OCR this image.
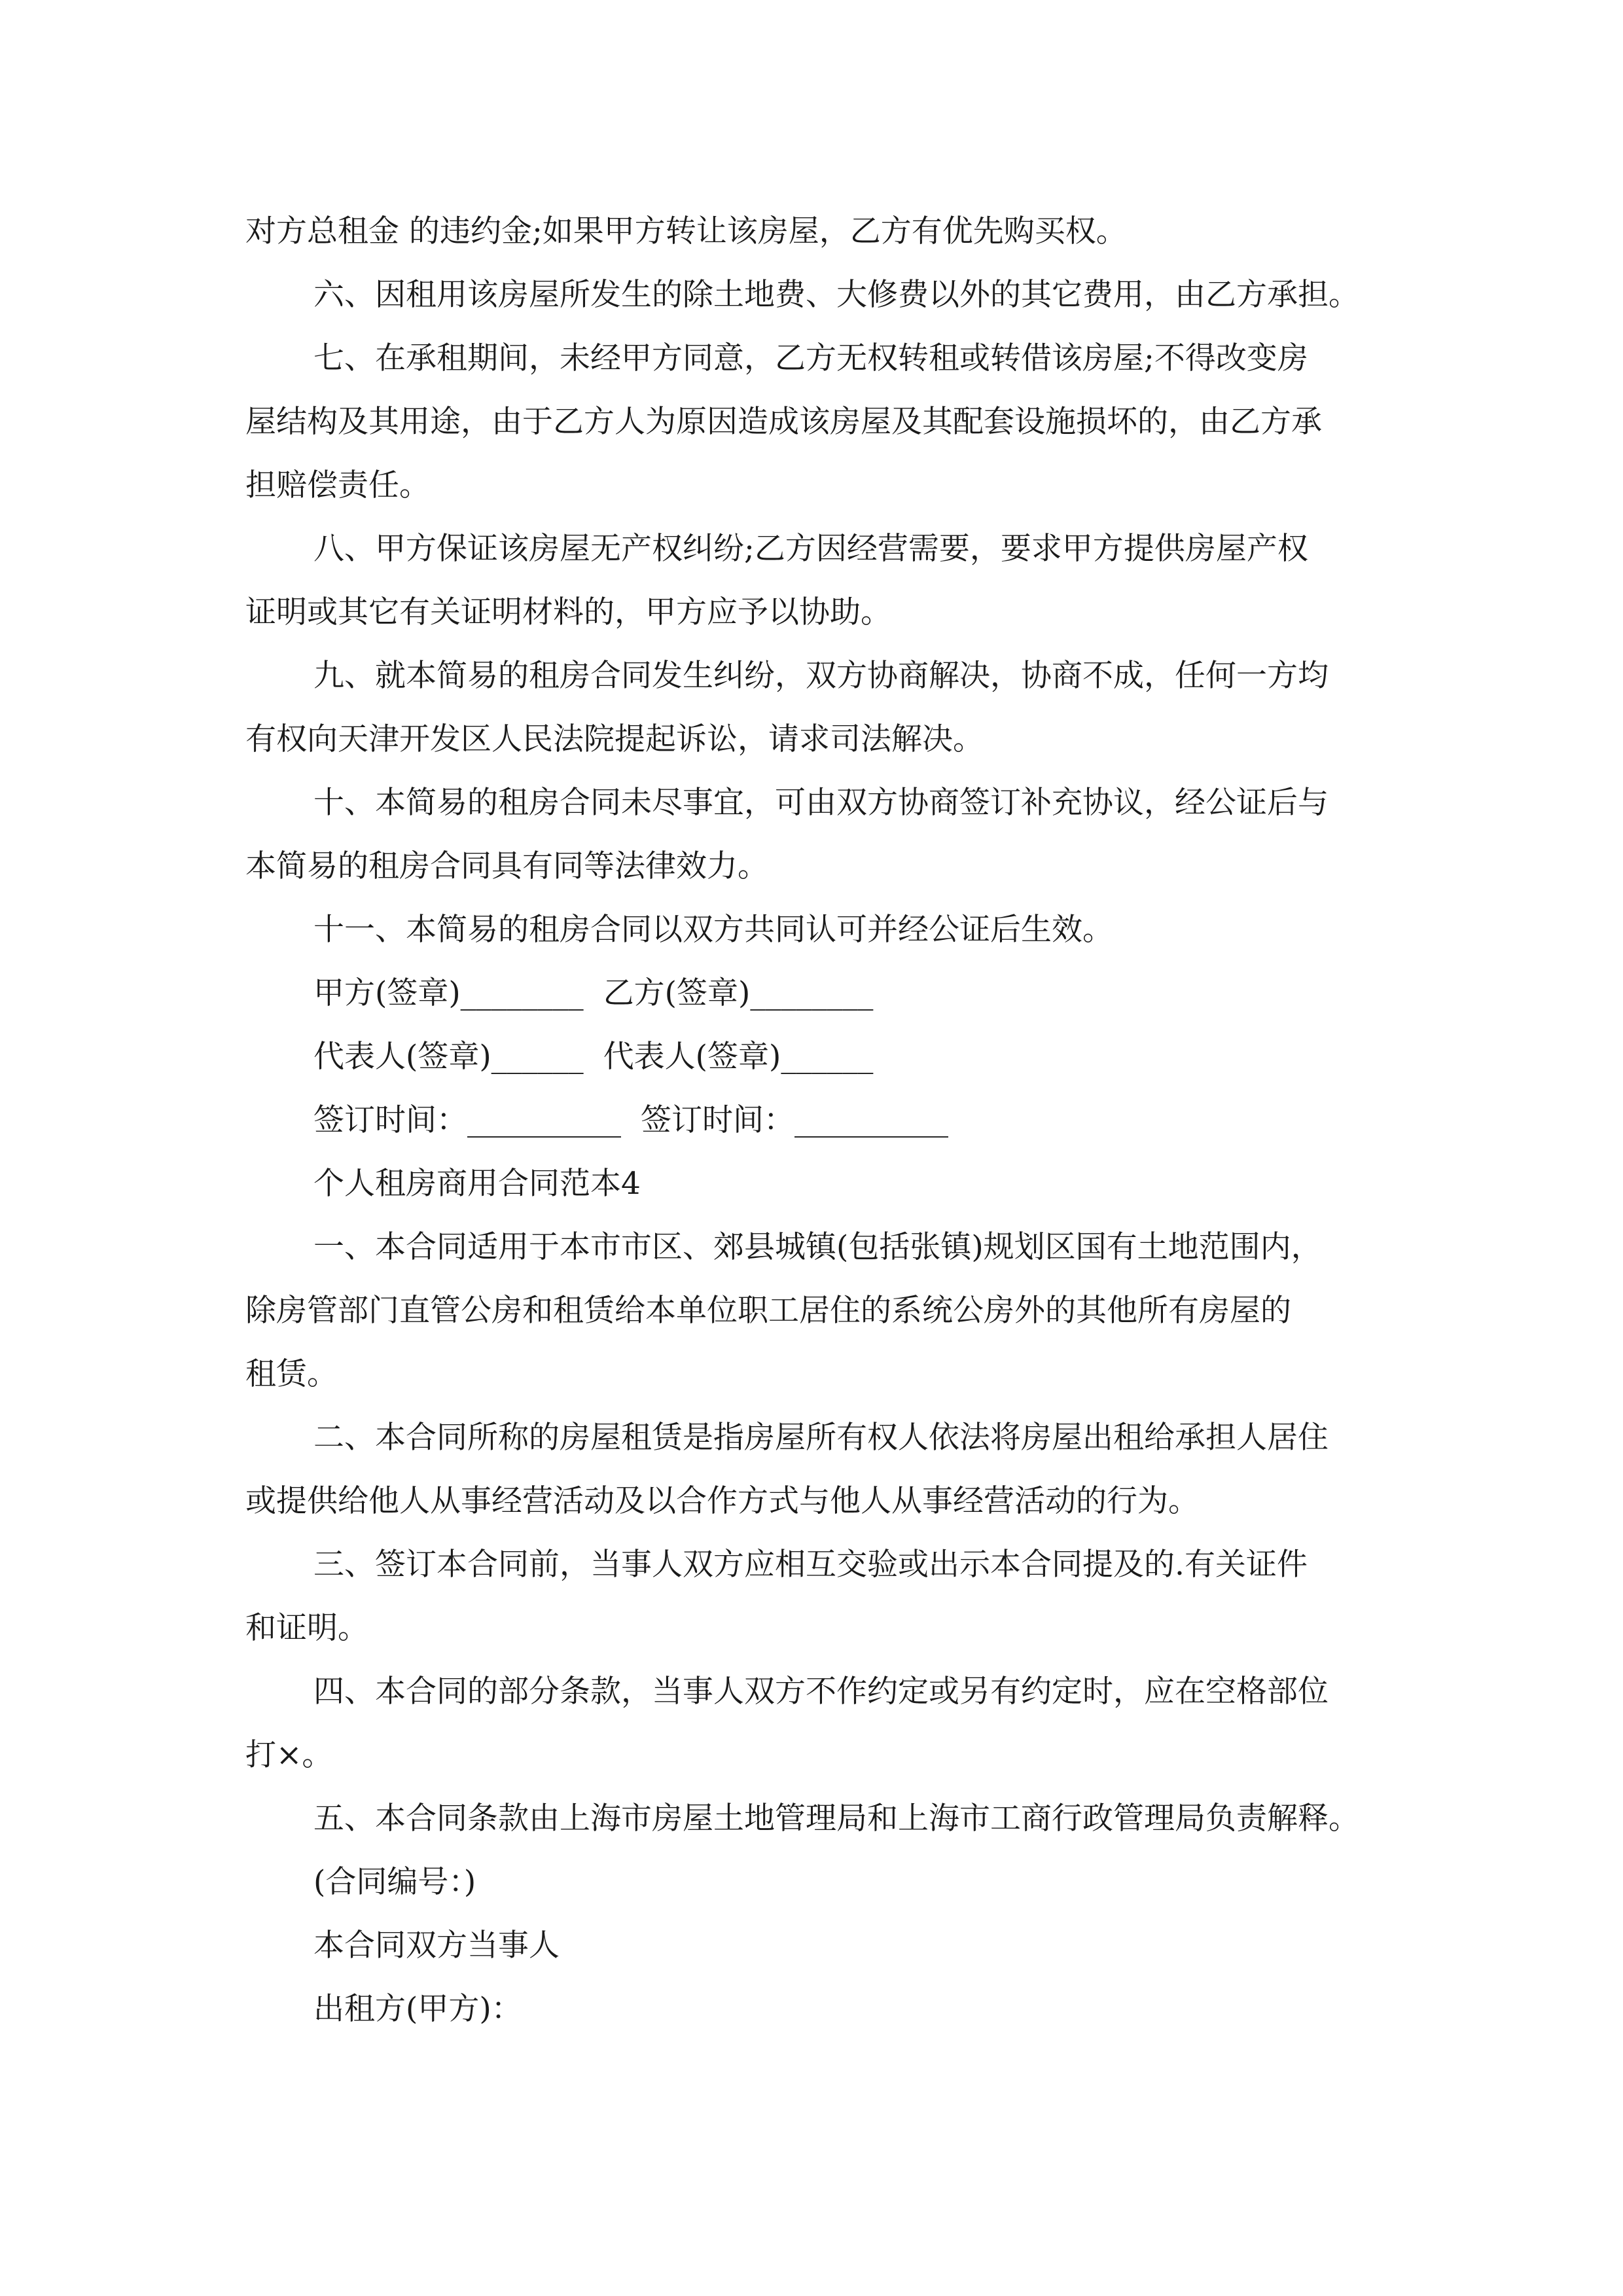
对方总租金 的违约金;如果甲方转让该房屋，乙方有优先购买权。
六、因租用该房屋所发生的除土地费、大修费以外的其它费用，由乙方承担。
七、在承租期间，未经甲方同意，乙方无权转租或转借该房屋;不得改变房
屋结构及其用途，由于乙方人为原因造成该房屋及其配套设施损坏的，由乙方承
担赔偿责任。
八、甲方保证该房屋无产权纠纷;乙方因经营需要，要求甲方提供房屋产权
证明或其它有关证明材料的，甲方应予以协助。
九、就本简易的租房合同发生纠纷，双方协商解决，协商不成，任何一方均
有权向天津开发区人民法院提起诉讼，请求司法解决。
十、本简易的租房合同未尽事宜，可由双方协商签订补充协议，经公证后与
本简易的租房合同具有同等法律效力。
十一、本简易的租房合同以双方共同认可并经公证后生效。
甲方(签章)________ 乙方(签章)________
代表人(签章)______ 代表人(签章)______
签订时间：__________ 签订时间：__________
个人租房商用合同范本4
一、本合同适用于本市市区、郊县城镇(包括张镇)规划区国有土地范围内，
除房管部门直管公房和租赁给本单位职工居住的系统公房外的其他所有房屋的
租赁。
二、本合同所称的房屋租赁是指房屋所有权人依法将房屋出租给承担人居住
或提供给他人从事经营活动及以合作方式与他人从事经营活动的行为。
三、签订本合同前，当事人双方应相互交验或出示本合同提及的.有关证件
和证明。
四、本合同的部分条款，当事人双方不作约定或另有约定时，应在空格部位
打×。
五、本合同条款由上海市房屋土地管理局和上海市工商行政管理局负责解释。
(合同编号：)
本合同双方当事人
出租方(甲方)：
